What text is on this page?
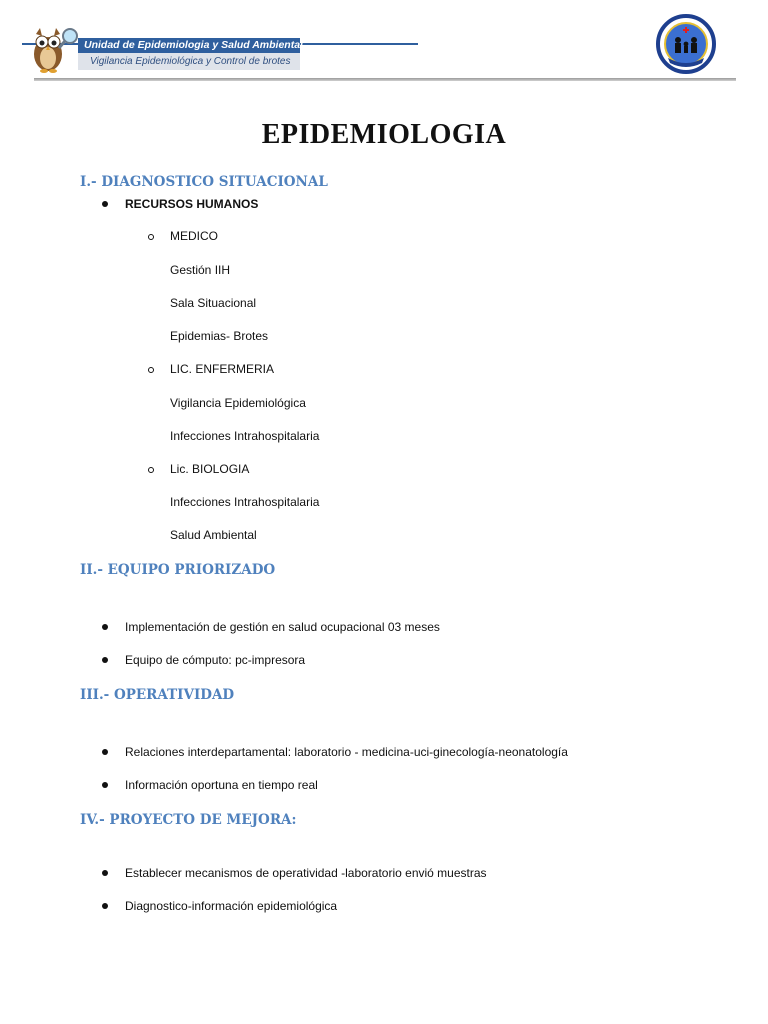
Unidad de Epidemiologia y Salud Ambiental
Vigilancia Epidemiológica y Control de brotes
EPIDEMIOLOGIA
I.- DIAGNOSTICO SITUACIONAL
RECURSOS HUMANOS
MEDICO
Gestión IIH
Sala Situacional
Epidemias- Brotes
LIC. ENFERMERIA
Vigilancia Epidemiológica
Infecciones Intrahospitalaria
Lic. BIOLOGIA
Infecciones Intrahospitalaria
Salud Ambiental
II.- EQUIPO PRIORIZADO
Implementación de gestión en salud ocupacional 03 meses
Equipo de cómputo: pc-impresora
III.- OPERATIVIDAD
Relaciones interdepartamental: laboratorio - medicina-uci-ginecología-neonatología
Información oportuna en tiempo real
IV.- PROYECTO DE MEJORA:
Establecer mecanismos de operatividad -laboratorio envió muestras
Diagnostico-información epidemiológica
